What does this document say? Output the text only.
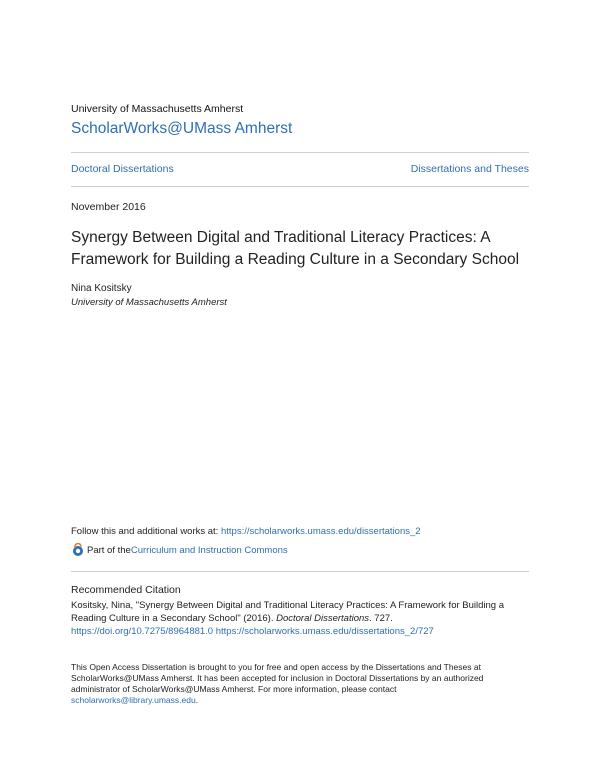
University of Massachusetts Amherst
ScholarWorks@UMass Amherst
Doctoral Dissertations	Dissertations and Theses
November 2016
Synergy Between Digital and Traditional Literacy Practices: A Framework for Building a Reading Culture in a Secondary School
Nina Kositsky
University of Massachusetts Amherst
Follow this and additional works at: https://scholarworks.umass.edu/dissertations_2
Part of the Curriculum and Instruction Commons
Recommended Citation
Kositsky, Nina, "Synergy Between Digital and Traditional Literacy Practices: A Framework for Building a Reading Culture in a Secondary School" (2016). Doctoral Dissertations. 727.
https://doi.org/10.7275/8964881.0 https://scholarworks.umass.edu/dissertations_2/727
This Open Access Dissertation is brought to you for free and open access by the Dissertations and Theses at ScholarWorks@UMass Amherst. It has been accepted for inclusion in Doctoral Dissertations by an authorized administrator of ScholarWorks@UMass Amherst. For more information, please contact
scholarworks@library.umass.edu.
